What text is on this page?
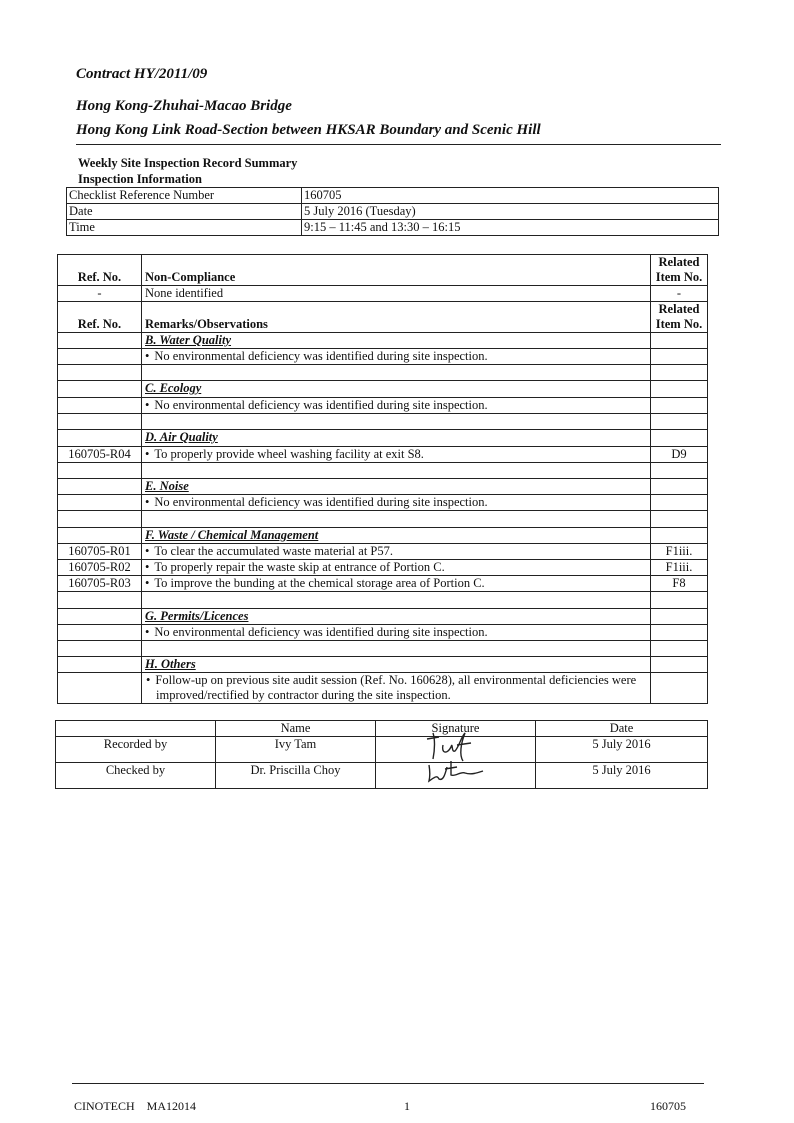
Contract HY/2011/09
Hong Kong-Zhuhai-Macao Bridge
Hong Kong Link Road-Section between HKSAR Boundary and Scenic Hill
Weekly Site Inspection Record Summary
Inspection Information
Checklist Reference Number	160705
Date	5 July 2016 (Tuesday)
Time	9:15 – 11:45 and 13:30 – 16:15
Ref. No.	Non-Compliance	Related
Item No.
-	None identified	-
Ref. No.	Remarks/Observations	Related
Item No.
	B. Water Quality	
	• No environmental deficiency was identified during site inspection.	

	C. Ecology	
	• No environmental deficiency was identified during site inspection.	

	D. Air Quality	
160705-R04	• To properly provide wheel washing facility at exit S8.	D9

	E. Noise	
	• No environmental deficiency was identified during site inspection.	

	F. Waste / Chemical Management	
160705-R01	• To clear the accumulated waste material at P57.	F1iii.
160705-R02	• To properly repair the waste skip at entrance of Portion C.	F1iii.
160705-R03	• To improve the bunding at the chemical storage area of Portion C.	F8

	G. Permits/Licences	
	• No environmental deficiency was identified during site inspection.	

	H. Others	
	• Follow-up on previous site audit session (Ref. No. 160628), all environmental deficiencies were improved/rectified by contractor during the site inspection.	
	Name	Signature	Date
Recorded by	Ivy Tam		5 July 2016
Checked by	Dr. Priscilla Choy		5 July 2016
CINOTECH    MA12014	1	160705
